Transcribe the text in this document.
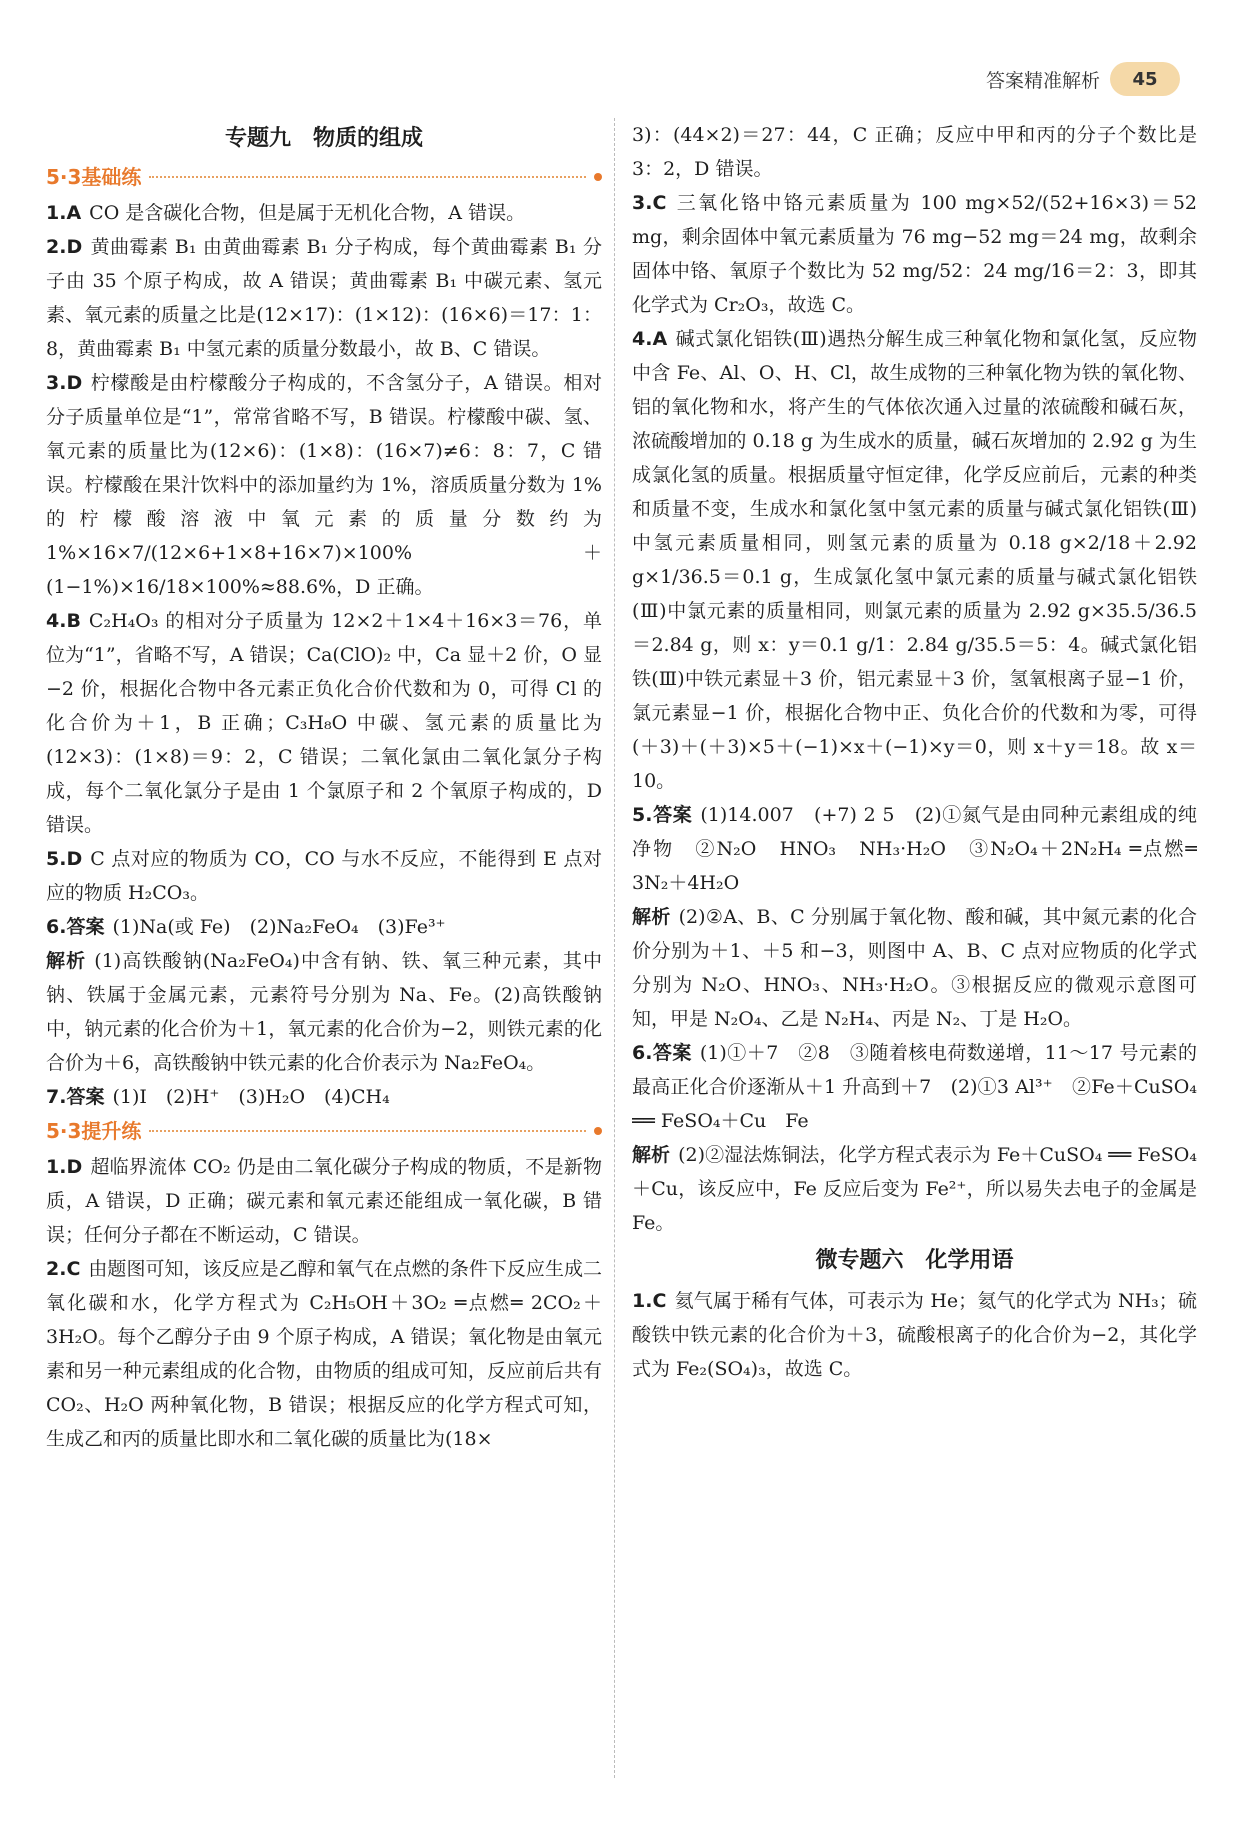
答案精准解析	45
专题九　物质的组成
5·3基础练
1.A CO 是含碳化合物，但是属于无机化合物，A 错误。
2.D 黄曲霉素 B₁ 由黄曲霉素 B₁ 分子构成，每个黄曲霉素 B₁ 分子由 35 个原子构成，故 A 错误；黄曲霉素 B₁ 中碳元素、氢元素、氧元素的质量之比是(12×17)：(1×12)：(16×6)＝17：1：8，黄曲霉素 B₁ 中氢元素的质量分数最小，故 B、C 错误。
3.D 柠檬酸是由柠檬酸分子构成的，不含氢分子，A 错误。相对分子质量单位是“1”，常常省略不写，B 错误。柠檬酸中碳、氢、氧元素的质量比为(12×6)：(1×8)：(16×7)≠6：8：7，C 错误。柠檬酸在果汁饮料中的添加量约为 1%，溶质质量分数为 1% 的柠檬酸溶液中氧元素的质量分数约为 1%×16×7/(12×6+1×8+16×7)×100%＋(1−1%)×16/18×100%≈88.6%，D 正确。
4.B C₂H₄O₃ 的相对分子质量为 12×2＋1×4＋16×3＝76，单位为“1”，省略不写，A 错误；Ca(ClO)₂ 中，Ca 显＋2 价，O 显−2 价，根据化合物中各元素正负化合价代数和为 0，可得 Cl 的化合价为＋1，B 正确；C₃H₈O 中碳、氢元素的质量比为(12×3)：(1×8)＝9：2，C 错误；二氧化氯由二氧化氯分子构成，每个二氧化氯分子是由 1 个氯原子和 2 个氧原子构成的，D 错误。
5.D C 点对应的物质为 CO，CO 与水不反应，不能得到 E 点对应的物质 H₂CO₃。
6.答案 (1)Na(或 Fe)　(2)Na₂FeO₄　(3)Fe³⁺
解析 (1)高铁酸钠(Na₂FeO₄)中含有钠、铁、氧三种元素，其中钠、铁属于金属元素，元素符号分别为 Na、Fe。(2)高铁酸钠中，钠元素的化合价为＋1，氧元素的化合价为−2，则铁元素的化合价为＋6，高铁酸钠中铁元素的化合价表示为 Na₂FeO₄。
7.答案 (1)I　(2)H⁺　(3)H₂O　(4)CH₄
5·3提升练
1.D 超临界流体 CO₂ 仍是由二氧化碳分子构成的物质，不是新物质，A 错误，D 正确；碳元素和氧元素还能组成一氧化碳，B 错误；任何分子都在不断运动，C 错误。
2.C 由题图可知，该反应是乙醇和氧气在点燃的条件下反应生成二氧化碳和水，化学方程式为 C₂H₅OH＋3O₂ ═点燃═ 2CO₂＋3H₂O。每个乙醇分子由 9 个原子构成，A 错误；氧化物是由氧元素和另一种元素组成的化合物，由物质的组成可知，反应前后共有 CO₂、H₂O 两种氧化物，B 错误；根据反应的化学方程式可知，生成乙和丙的质量比即水和二氧化碳的质量比为(18×
3)：(44×2)＝27：44，C 正确；反应中甲和丙的分子个数比是 3：2，D 错误。
3.C 三氧化铬中铬元素质量为 100 mg×52/(52+16×3)＝52 mg，剩余固体中氧元素质量为 76 mg−52 mg＝24 mg，故剩余固体中铬、氧原子个数比为 52 mg/52：24 mg/16＝2：3，即其化学式为 Cr₂O₃，故选 C。
4.A 碱式氯化铝铁(Ⅲ)遇热分解生成三种氧化物和氯化氢，反应物中含 Fe、Al、O、H、Cl，故生成物的三种氧化物为铁的氧化物、铝的氧化物和水，将产生的气体依次通入过量的浓硫酸和碱石灰，浓硫酸增加的 0.18 g 为生成水的质量，碱石灰增加的 2.92 g 为生成氯化氢的质量。根据质量守恒定律，化学反应前后，元素的种类和质量不变，生成水和氯化氢中氢元素的质量与碱式氯化铝铁(Ⅲ)中氢元素质量相同，则氢元素的质量为 0.18 g×2/18＋2.92 g×1/36.5＝0.1 g，生成氯化氢中氯元素的质量与碱式氯化铝铁(Ⅲ)中氯元素的质量相同，则氯元素的质量为 2.92 g×35.5/36.5＝2.84 g，则 x：y＝0.1 g/1：2.84 g/35.5＝5：4。碱式氯化铝铁(Ⅲ)中铁元素显＋3 价，铝元素显＋3 价，氢氧根离子显−1 价，氯元素显−1 价，根据化合物中正、负化合价的代数和为零，可得(＋3)＋(＋3)×5＋(−1)×x＋(−1)×y＝0，则 x＋y＝18。故 x＝10。
5.答案 (1)14.007　(+7) 2 5　(2)①氮气是由同种元素组成的纯净物　②N₂O　HNO₃　NH₃·H₂O　③N₂O₄＋2N₂H₄ ═点燃═ 3N₂＋4H₂O
解析 (2)②A、B、C 分别属于氧化物、酸和碱，其中氮元素的化合价分别为＋1、＋5 和−3，则图中 A、B、C 点对应物质的化学式分别为 N₂O、HNO₃、NH₃·H₂O。③根据反应的微观示意图可知，甲是 N₂O₄、乙是 N₂H₄、丙是 N₂、丁是 H₂O。
6.答案 (1)①＋7　②8　③随着核电荷数递增，11～17 号元素的最高正化合价逐渐从＋1 升高到＋7　(2)①3 Al³⁺　②Fe＋CuSO₄ ══ FeSO₄＋Cu　Fe
解析 (2)②湿法炼铜法，化学方程式表示为 Fe＋CuSO₄ ══ FeSO₄＋Cu，该反应中，Fe 反应后变为 Fe²⁺，所以易失去电子的金属是 Fe。
微专题六　化学用语
1.C 氦气属于稀有气体，可表示为 He；氦气的化学式为 NH₃；硫酸铁中铁元素的化合价为＋3，硫酸根离子的化合价为−2，其化学式为 Fe₂(SO₄)₃，故选 C。
